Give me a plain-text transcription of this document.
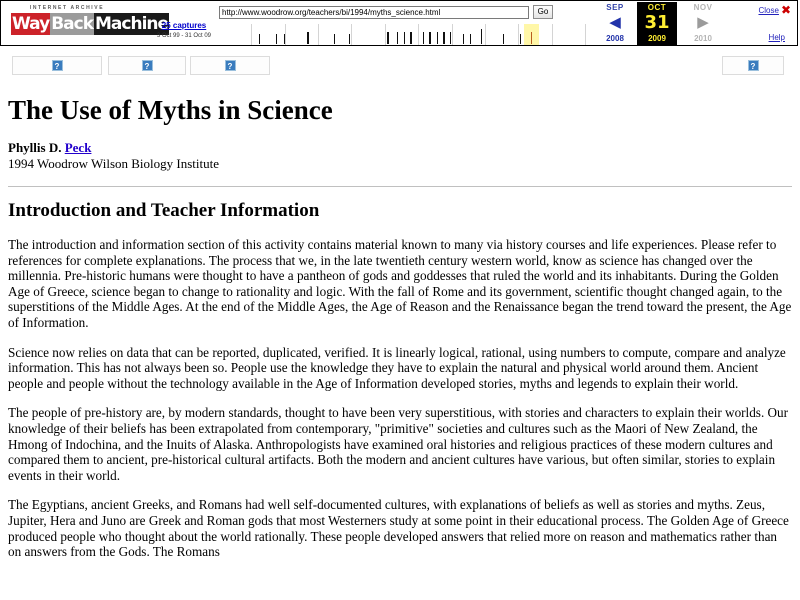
INTERNET ARCHIVE
Way Back Machine
25 captures
3 Oct 99 - 31 Oct 09
http://www.woodrow.org/teachers/bi/1994/myths_science.html
Go	SEP
◀
2008
OCT
31
2009
NOV
▶
2010
Close ✖
Help
?	?	?	?
The Use of Myths in Science
Phyllis D. Peck
1994 Woodrow Wilson Biology Institute
Introduction and Teacher Information

The introduction and information section of this activity contains material known to many via history courses and life experiences. Please refer to references for complete explanations. The process that we, in the late twentieth century western world, know as science has changed over the millennia. Pre-historic humans were thought to have a pantheon of gods and goddesses that ruled the world and its inhabitants. During the Golden Age of Greece, science began to change to rationality and logic. With the fall of Rome and its government, scientific thought changed again, to the superstitions of the Middle Ages. At the end of the Middle Ages, the Age of Reason and the Renaissance began the trend toward the present, the Age of Information.

Science now relies on data that can be reported, duplicated, verified. It is linearly logical, rational, using numbers to compute, compare and analyze information. This has not always been so. People use the knowledge they have to explain the natural and physical world around them. Ancient people and people without the technology available in the Age of Information developed stories, myths and legends to explain their world.

The people of pre-history are, by modern standards, thought to have been very superstitious, with stories and characters to explain their worlds. Our knowledge of their beliefs has been extrapolated from contemporary, "primitive" societies and cultures such as the Maori of New Zealand, the Hmong of Indochina, and the Inuits of Alaska. Anthropologists have examined oral histories and religious practices of these modern cultures and compared them to ancient, pre-historical cultural artifacts. Both the modern and ancient cultures have various, but often similar, stories to explain events in their world.

The Egyptians, ancient Greeks, and Romans had well self-documented cultures, with explanations of beliefs as well as stories and myths. Zeus, Jupiter, Hera and Juno are Greek and Roman gods that most Westerners study at some point in their educational process. The Golden Age of Greece produced people who thought about the world rationally. These people developed answers that relied more on reason and mathematics rather than on answers from the Gods. The Romans
